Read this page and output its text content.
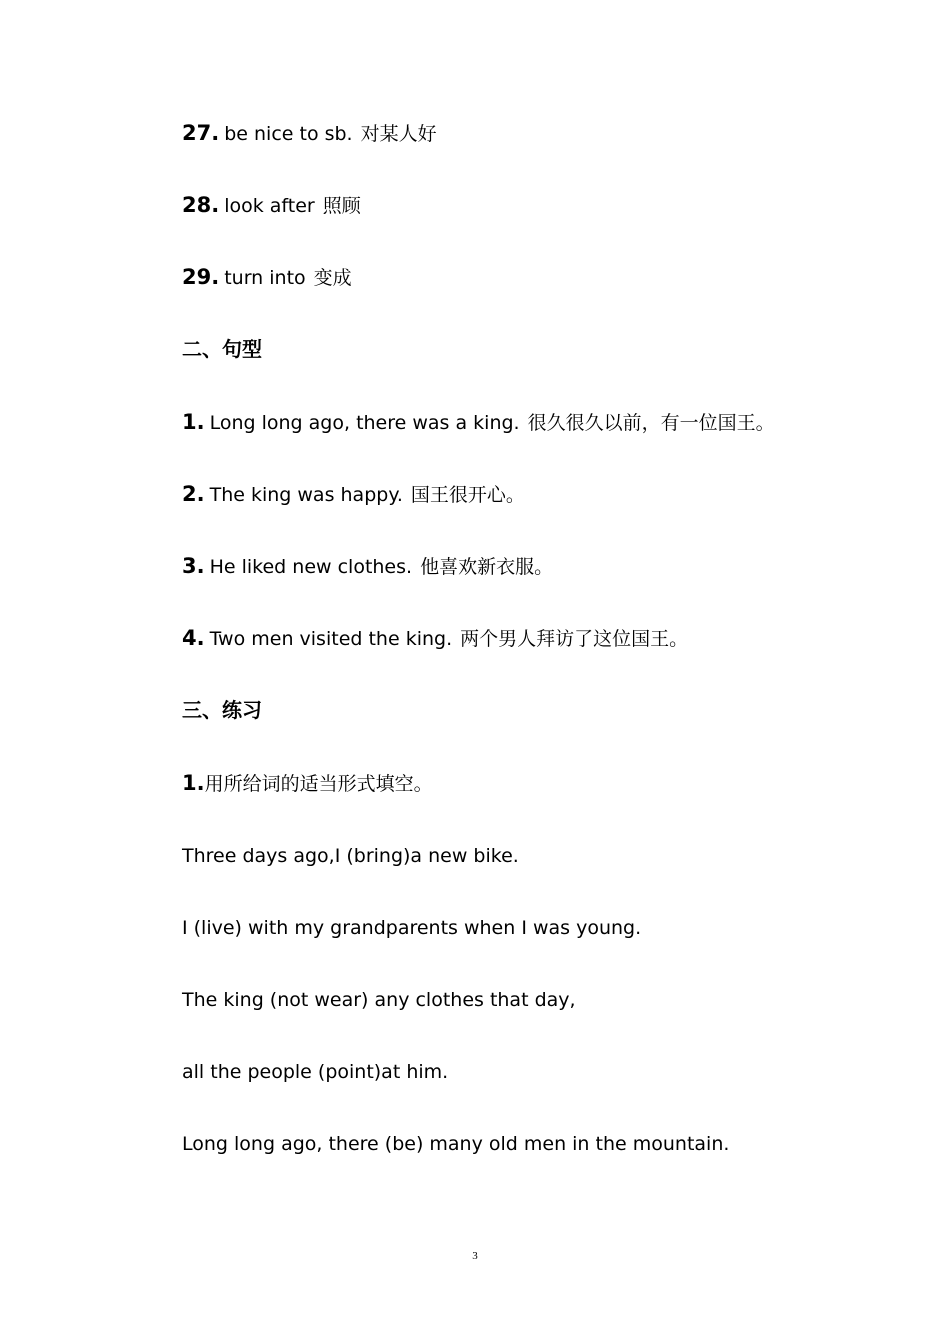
27. be nice to sb. 对某人好
28. look after 照顾
29. turn into 变成
二、句型
1. Long long ago, there was a king. 很久很久以前，有一位国王。
2. The king was happy. 国王很开心。
3. He liked new clothes. 他喜欢新衣服。
4. Two men visited the king. 两个男人拜访了这位国王。
三、练习
1.用所给词的适当形式填空。
Three days ago,I (bring)a new bike.
I (live) with my grandparents when I was young.
The king (not wear) any clothes that day,
all the people (point)at him.
Long long ago, there (be) many old men in the mountain.
3
